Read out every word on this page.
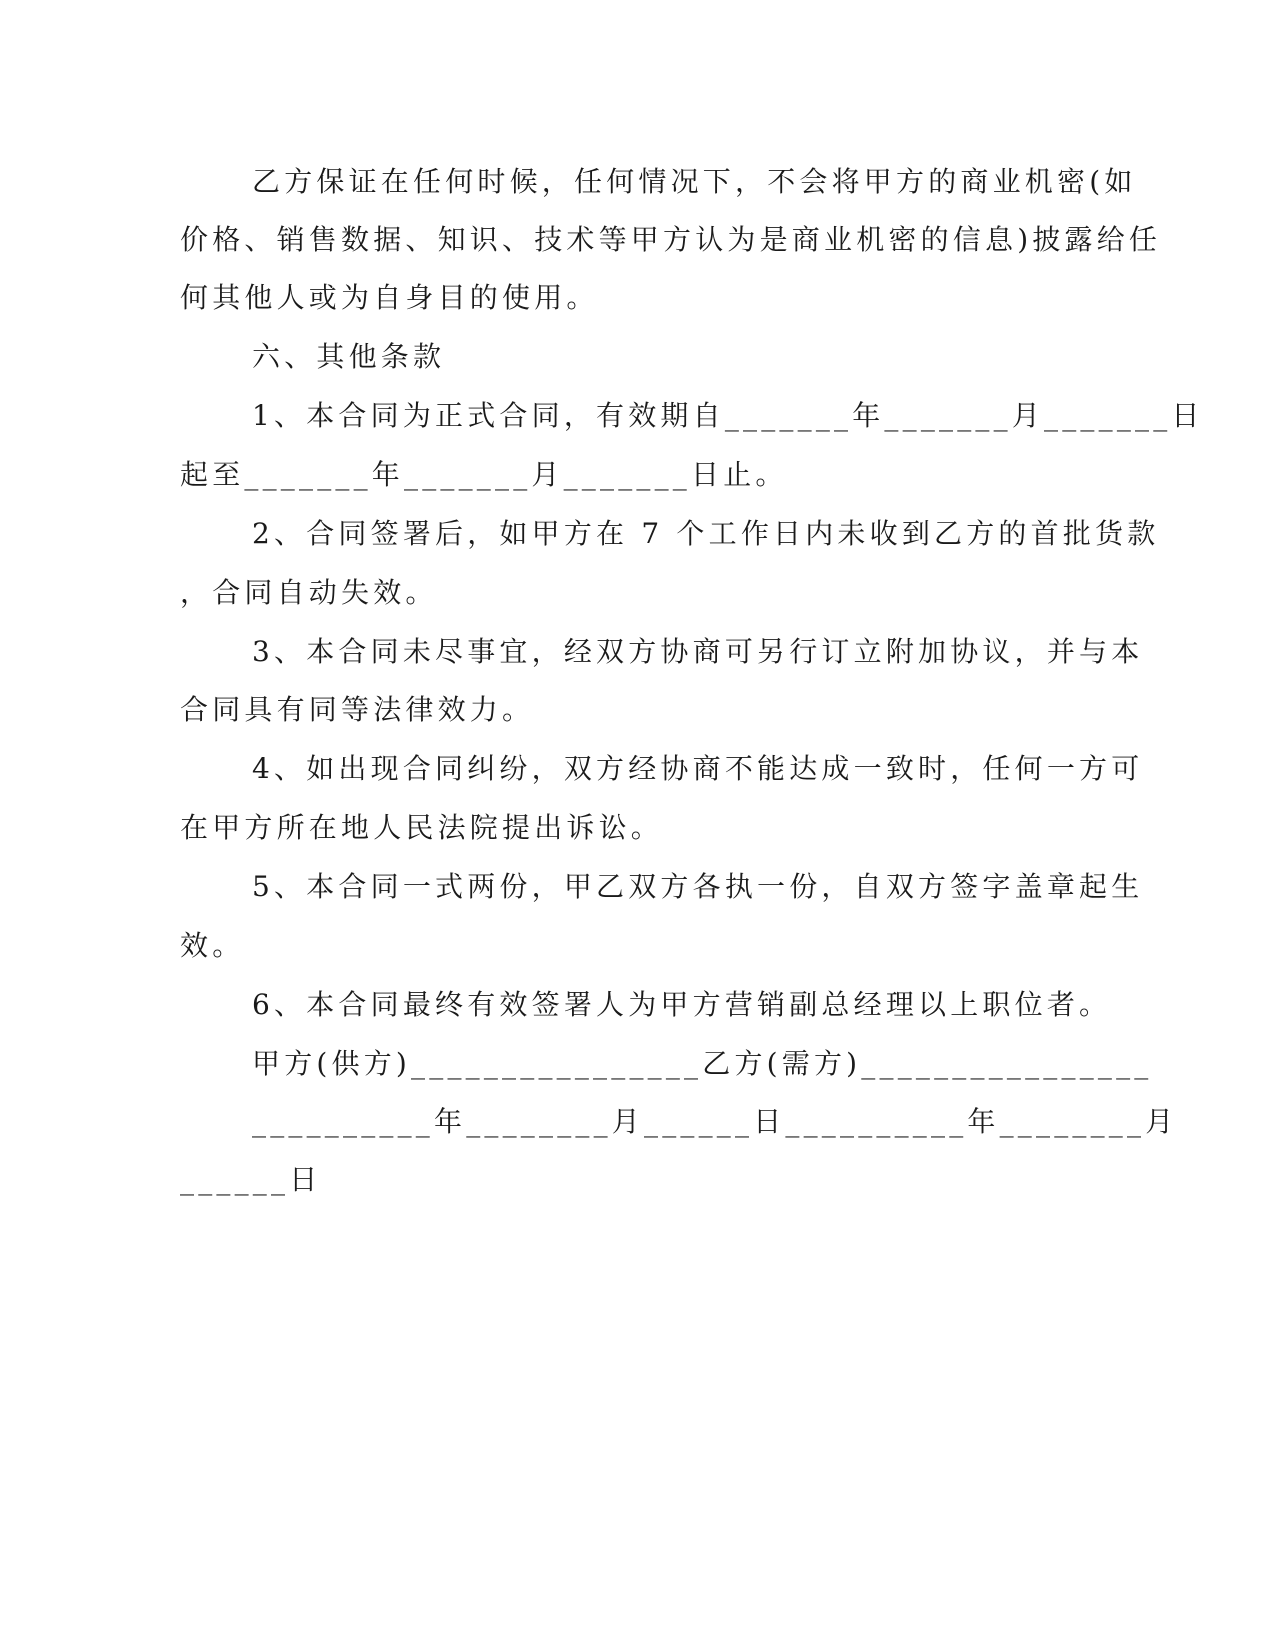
乙方保证在任何时候，任何情况下，不会将甲方的商业机密(如
价格、销售数据、知识、技术等甲方认为是商业机密的信息)披露给任
何其他人或为自身目的使用。
六、其他条款
1、本合同为正式合同，有效期自_______年_______月_______日
起至_______年_______月_______日止。
2、合同签署后，如甲方在 7 个工作日内未收到乙方的首批货款
，合同自动失效。
3、本合同未尽事宜，经双方协商可另行订立附加协议，并与本
合同具有同等法律效力。
4、如出现合同纠纷，双方经协商不能达成一致时，任何一方可
在甲方所在地人民法院提出诉讼。
5、本合同一式两份，甲乙双方各执一份，自双方签字盖章起生
效。
6、本合同最终有效签署人为甲方营销副总经理以上职位者。
甲方(供方)________________乙方(需方)________________
__________年________月______日__________年________月
______日
